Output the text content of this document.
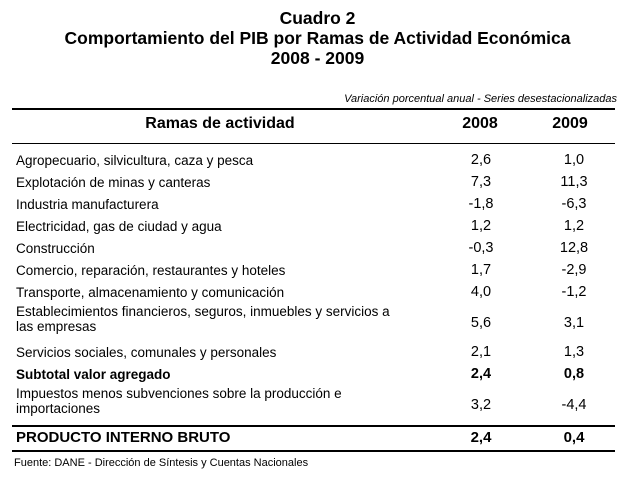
Cuadro 2
Comportamiento del PIB por Ramas de Actividad Económica
2008 - 2009
Variación porcentual anual - Series desestacionalizadas
Ramas de actividad	2008	2009
Agropecuario, silvicultura, caza y pesca	2,6	1,0
Explotación de minas y canteras	7,3	11,3
Industria manufacturera	-1,8	-6,3
Electricidad, gas de ciudad y agua	1,2	1,2
Construcción	-0,3	12,8
Comercio, reparación, restaurantes y hoteles	1,7	-2,9
Transporte, almacenamiento y comunicación	4,0	-1,2
Establecimientos financieros, seguros, inmuebles y servicios a las empresas	5,6	3,1
Servicios sociales, comunales y personales	2,1	1,3
Subtotal valor agregado	2,4	0,8
Impuestos menos subvenciones sobre la producción e importaciones	3,2	-4,4
PRODUCTO INTERNO BRUTO	2,4	0,4
Fuente: DANE - Dirección de Síntesis y Cuentas Nacionales
